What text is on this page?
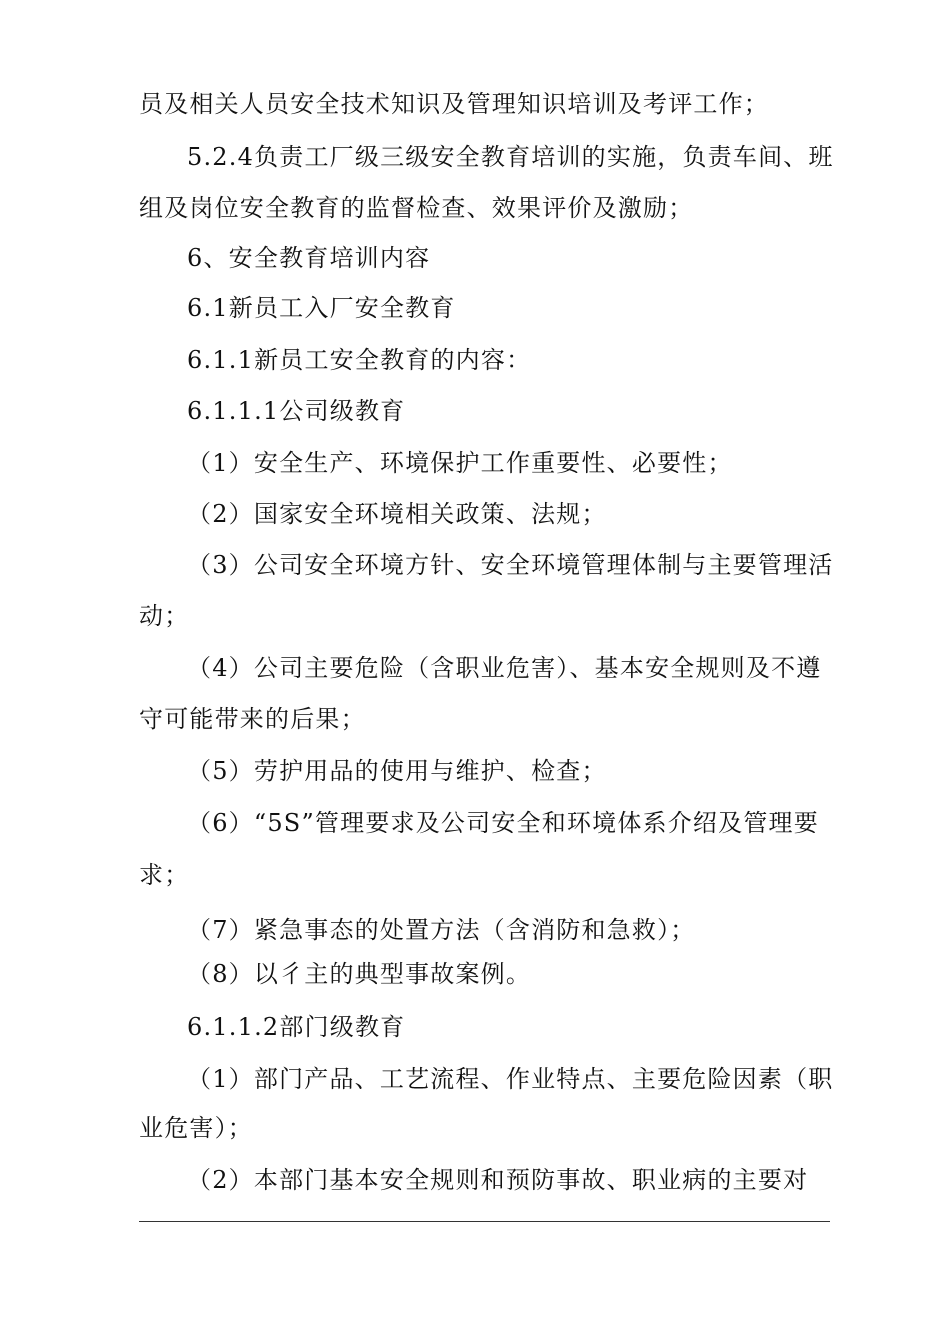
员及相关人员安全技术知识及管理知识培训及考评工作；
5.2.4负责工厂级三级安全教育培训的实施，负责车间、班
组及岗位安全教育的监督检查、效果评价及激励；
6、安全教育培训内容
6.1新员工入厂安全教育
6.1.1新员工安全教育的内容：
6.1.1.1公司级教育
（1）安全生产、环境保护工作重要性、必要性；
（2）国家安全环境相关政策、法规；
（3）公司安全环境方针、安全环境管理体制与主要管理活
动；
（4）公司主要危险（含职业危害）、基本安全规则及不遵
守可能带来的后果；
（5）劳护用品的使用与维护、检查；
（6）“5S”管理要求及公司安全和环境体系介绍及管理要
求；
（7）紧急事态的处置方法（含消防和急救）；
（8）以彳主的典型事故案例。
6.1.1.2部门级教育
（1）部门产品、工艺流程、作业特点、主要危险因素（职
业危害）；
（2）本部门基本安全规则和预防事故、职业病的主要对
